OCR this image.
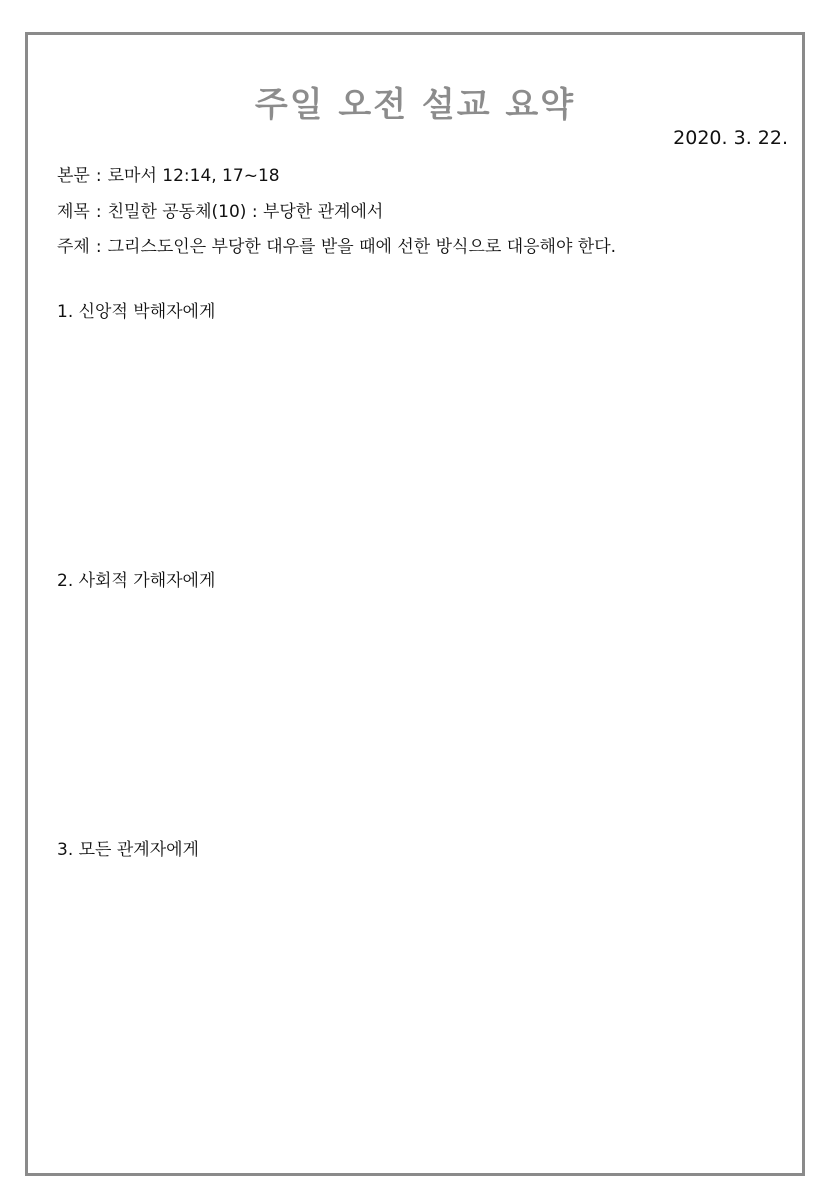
주일 오전 설교 요약
2020. 3. 22.
본문 : 로마서 12:14, 17~18
제목 : 친밀한 공동체(10) : 부당한 관계에서
주제 : 그리스도인은 부당한 대우를 받을 때에 선한 방식으로 대응해야 한다.
1. 신앙적 박해자에게
2. 사회적 가해자에게
3. 모든 관계자에게
